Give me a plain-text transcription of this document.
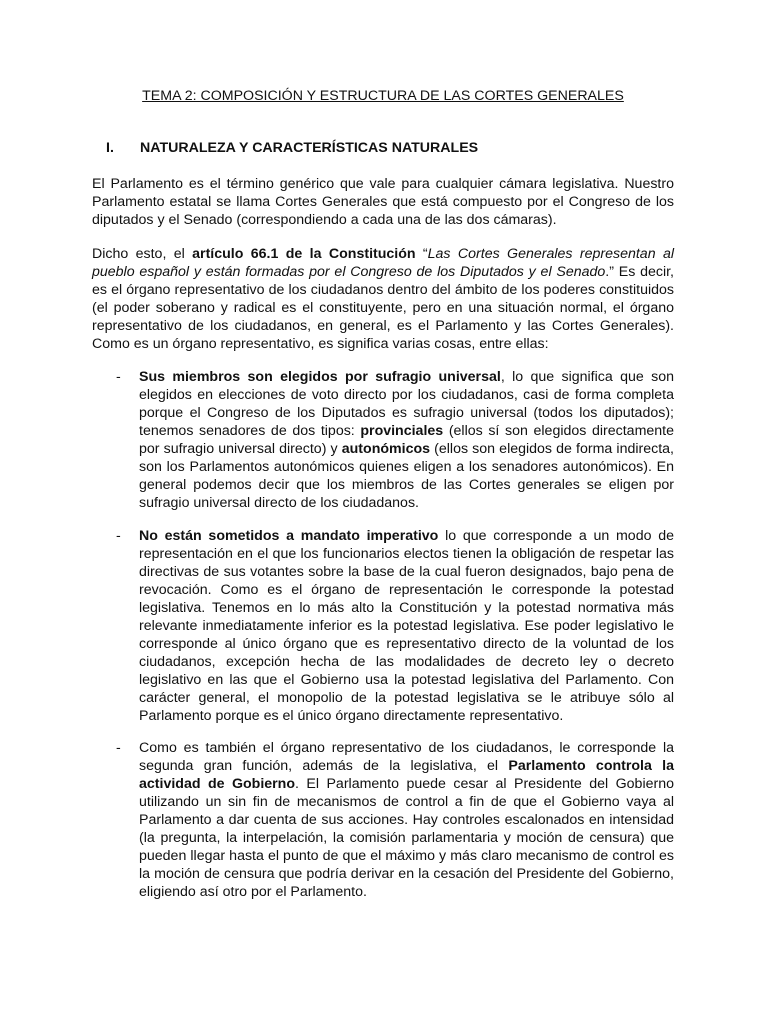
TEMA 2: COMPOSICIÓN Y ESTRUCTURA DE LAS CORTES GENERALES
I. NATURALEZA Y CARACTERÍSTICAS NATURALES

El Parlamento es el término genérico que vale para cualquier cámara legislativa. Nuestro Parlamento estatal se llama Cortes Generales que está compuesto por el Congreso de los diputados y el Senado (correspondiendo a cada una de las dos cámaras).

Dicho esto, el artículo 66.1 de la Constitución “Las Cortes Generales representan al pueblo español y están formadas por el Congreso de los Diputados y el Senado.” Es decir, es el órgano representativo de los ciudadanos dentro del ámbito de los poderes constituidos (el poder soberano y radical es el constituyente, pero en una situación normal, el órgano representativo de los ciudadanos, en general, es el Parlamento y las Cortes Generales). Como es un órgano representativo, es significa varias cosas, entre ellas:

- Sus miembros son elegidos por sufragio universal, lo que significa que son elegidos en elecciones de voto directo por los ciudadanos, casi de forma completa porque el Congreso de los Diputados es sufragio universal (todos los diputados); tenemos senadores de dos tipos: provinciales (ellos sí son elegidos directamente por sufragio universal directo) y autonómicos (ellos son elegidos de forma indirecta, son los Parlamentos autonómicos quienes eligen a los senadores autonómicos). En general podemos decir que los miembros de las Cortes generales se eligen por sufragio universal directo de los ciudadanos.

- No están sometidos a mandato imperativo lo que corresponde a un modo de representación en el que los funcionarios electos tienen la obligación de respetar las directivas de sus votantes sobre la base de la cual fueron designados, bajo pena de revocación. Como es el órgano de representación le corresponde la potestad legislativa. Tenemos en lo más alto la Constitución y la potestad normativa más relevante inmediatamente inferior es la potestad legislativa. Ese poder legislativo le corresponde al único órgano que es representativo directo de la voluntad de los ciudadanos, excepción hecha de las modalidades de decreto ley o decreto legislativo en las que el Gobierno usa la potestad legislativa del Parlamento. Con carácter general, el monopolio de la potestad legislativa se le atribuye sólo al Parlamento porque es el único órgano directamente representativo.

- Como es también el órgano representativo de los ciudadanos, le corresponde la segunda gran función, además de la legislativa, el Parlamento controla la actividad de Gobierno. El Parlamento puede cesar al Presidente del Gobierno utilizando un sin fin de mecanismos de control a fin de que el Gobierno vaya al Parlamento a dar cuenta de sus acciones. Hay controles escalonados en intensidad (la pregunta, la interpelación, la comisión parlamentaria y moción de censura) que pueden llegar hasta el punto de que el máximo y más claro mecanismo de control es la moción de censura que podría derivar en la cesación del Presidente del Gobierno, eligiendo así otro por el Parlamento.
